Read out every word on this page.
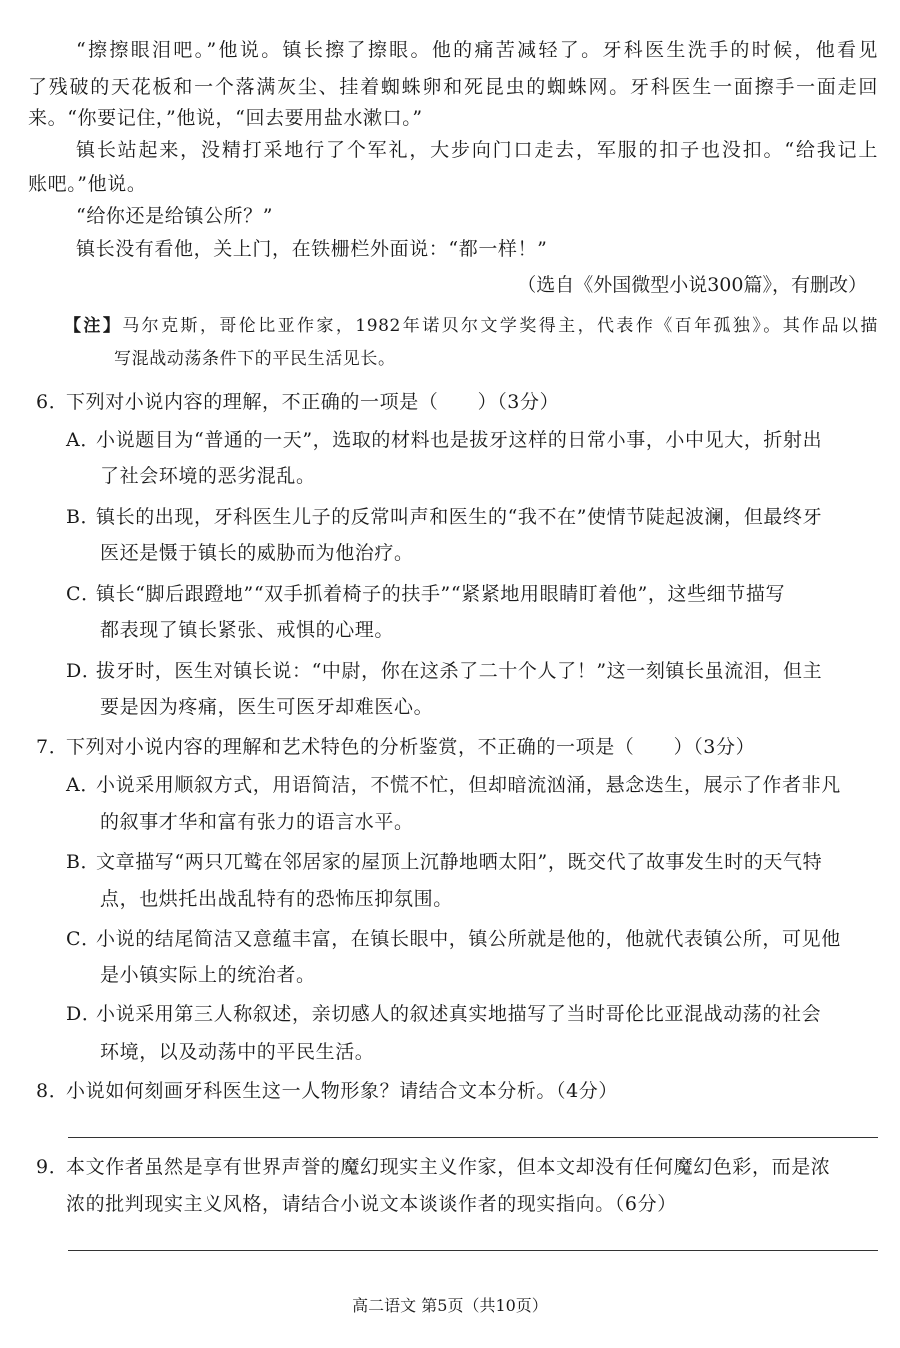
“擦擦眼泪吧。”他说。镇长擦了擦眼。他的痛苦减轻了。牙科医生洗手的时候，他看见
了残破的天花板和一个落满灰尘、挂着蜘蛛卵和死昆虫的蜘蛛网。牙科医生一面擦手一面走回
来。“你要记住，”他说，“回去要用盐水漱口。”
镇长站起来，没精打采地行了个军礼，大步向门口走去，军服的扣子也没扣。“给我记上
账吧。”他说。
“给你还是给镇公所？”
镇长没有看他，关上门，在铁栅栏外面说：“都一样！”
（选自《外国微型小说300篇》，有删改）
【注】马尔克斯，哥伦比亚作家，1982年诺贝尔文学奖得主，代表作《百年孤独》。其作品以描
写混战动荡条件下的平民生活见长。
6．下列对小说内容的理解，不正确的一项是（　　）（3分）
A．小说题目为“普通的一天”，选取的材料也是拔牙这样的日常小事，小中见大，折射出
了社会环境的恶劣混乱。
B．镇长的出现，牙科医生儿子的反常叫声和医生的“我不在”使情节陡起波澜，但最终牙
医还是慑于镇长的威胁而为他治疗。
C．镇长“脚后跟蹬地”“双手抓着椅子的扶手”“紧紧地用眼睛盯着他”，这些细节描写
都表现了镇长紧张、戒惧的心理。
D．拔牙时，医生对镇长说：“中尉，你在这杀了二十个人了！”这一刻镇长虽流泪，但主
要是因为疼痛，医生可医牙却难医心。
7．下列对小说内容的理解和艺术特色的分析鉴赏，不正确的一项是（　　）（3分）
A．小说采用顺叙方式，用语简洁，不慌不忙，但却暗流汹涌，悬念迭生，展示了作者非凡
的叙事才华和富有张力的语言水平。
B．文章描写“两只兀鹫在邻居家的屋顶上沉静地晒太阳”，既交代了故事发生时的天气特
点，也烘托出战乱特有的恐怖压抑氛围。
C．小说的结尾简洁又意蕴丰富，在镇长眼中，镇公所就是他的，他就代表镇公所，可见他
是小镇实际上的统治者。
D．小说采用第三人称叙述，亲切感人的叙述真实地描写了当时哥伦比亚混战动荡的社会
环境，以及动荡中的平民生活。
8．小说如何刻画牙科医生这一人物形象？请结合文本分析。（4分）
9．本文作者虽然是享有世界声誉的魔幻现实主义作家，但本文却没有任何魔幻色彩，而是浓
浓的批判现实主义风格，请结合小说文本谈谈作者的现实指向。（6分）
高二语文 第5页（共10页）
